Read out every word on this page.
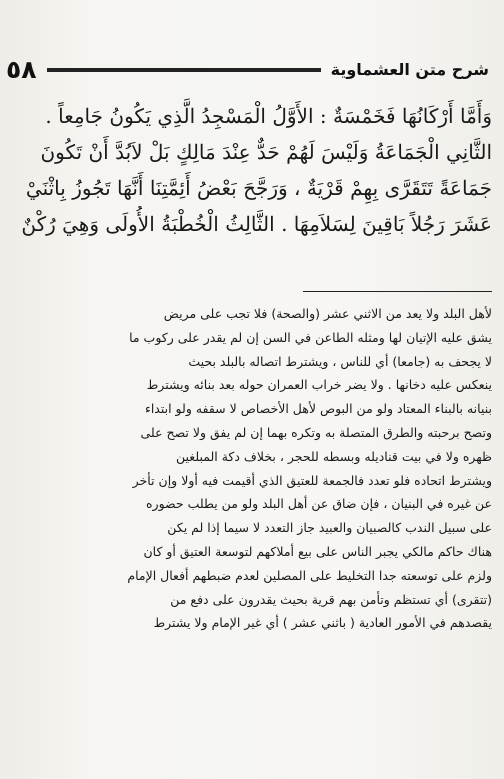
شرح متن العشماوية
٥٨
وَأَمَّا أَرْكَانُهَا فَخَمْسَةٌ : الأَوَّلُ الْمَسْجِدُ الَّذِي يَكُونُ جَامِعاً .
الثَّانِي الْجَمَاعَةُ وَلَيْسَ لَهُمْ حَدٌّ عِنْدَ مَالِكٍ بَلْ لاَبُدَّ أَنْ تَكُونَ
جَمَاعَةً تَتَقَرَّى بِهِمْ قَرْيَةٌ ، وَرَجَّحَ بَعْضُ أَئِمَّتِنَا أَنَّهَا تَجُوزُ بِاثْنَيْ
عَشَرَ رَجُلاً بَاقِينَ لِسَلاَمِهَا . الثَّالِثُ الْخُطْبَةُ الأُولَى وَهِيَ رُكْنٌ
لأهل البلد ولا يعد من الاثني عشر (والصحة) فلا تجب على مريض
يشق عليه الإتيان لها ومثله الطاعن في السن إن لم يقدر على ركوب ما
لا يجحف به (جامعا) أي للناس ، ويشترط اتصاله بالبلد بحيث
ينعكس عليه دخانها . ولا يضر خراب العمران حوله بعد بنائه ويشترط
بنيانه بالبناء المعتاد ولو من البوص لأهل الأخصاص لا سقفه ولو ابتداء
وتصح برحبته والطرق المتصلة به وتكره بهما إن لم يفق ولا تصح على
ظهره ولا في بيت قناديله وبسطه للحجر ، بخلاف دكة المبلغين
ويشترط اتحاده فلو تعدد فالجمعة للعتيق الذي أقيمت فيه أولا وإن تأخر
عن غيره في البنيان ، فإن ضاق عن أهل البلد ولو من يطلب حضوره
على سبيل الندب كالصبيان والعبيد جاز التعدد لا سيما إذا لم يكن
هناك حاكم مالكي يجبر الناس على بيع أملاكهم لتوسعة العتيق أو كان
ولزم على توسعته جدا التخليط على المصلين لعدم ضبطهم أفعال الإمام
(تتقرى) أي تستظم وتأمن بهم قرية بحيث يقدرون على دفع من
يقصدهم في الأمور العادية ( باثني عشر ) أي غير الإمام ولا يشترط
